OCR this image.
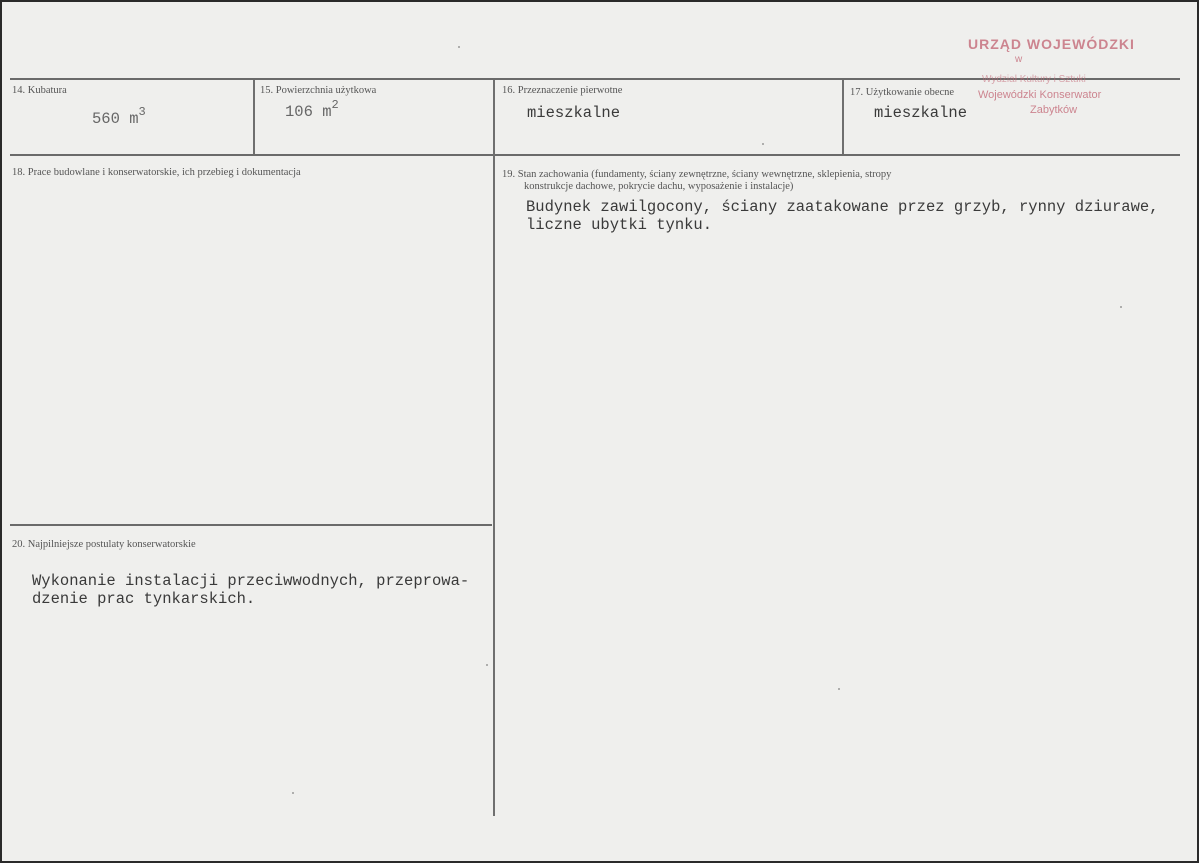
14. Kubatura
560 $m^3$
15. Powierzchnia użytkowa
106 $m^2$
16. Przeznaczenie pierwotne
mieszkalne
17. Użytkowanie obecne
mieszkalne
18. Prace budowlane i konserwatorskie, ich przebieg i dokumentacja	19. Stan zachowania (fundamenty, ściany zewnętrzne, ściany wewnętrzne, sklepienia, stropy
konstrukcje dachowe, pokrycie dachu, wyposażenie i instalacje)
Budynek zawilgocony, ściany zaatakowane przez grzyb, rynny dziurawe,
liczne ubytki tynku.
20. Najpilniejsze postulaty konserwatorskie
Wykonanie instalacji przeciwwodnych, przeprowa-
dzenie prac tynkarskich.
URZĄD WOJEWÓDZKI
w
Wydział Kultury i Sztuki
Wojewódzki Konserwator
Zabytków
